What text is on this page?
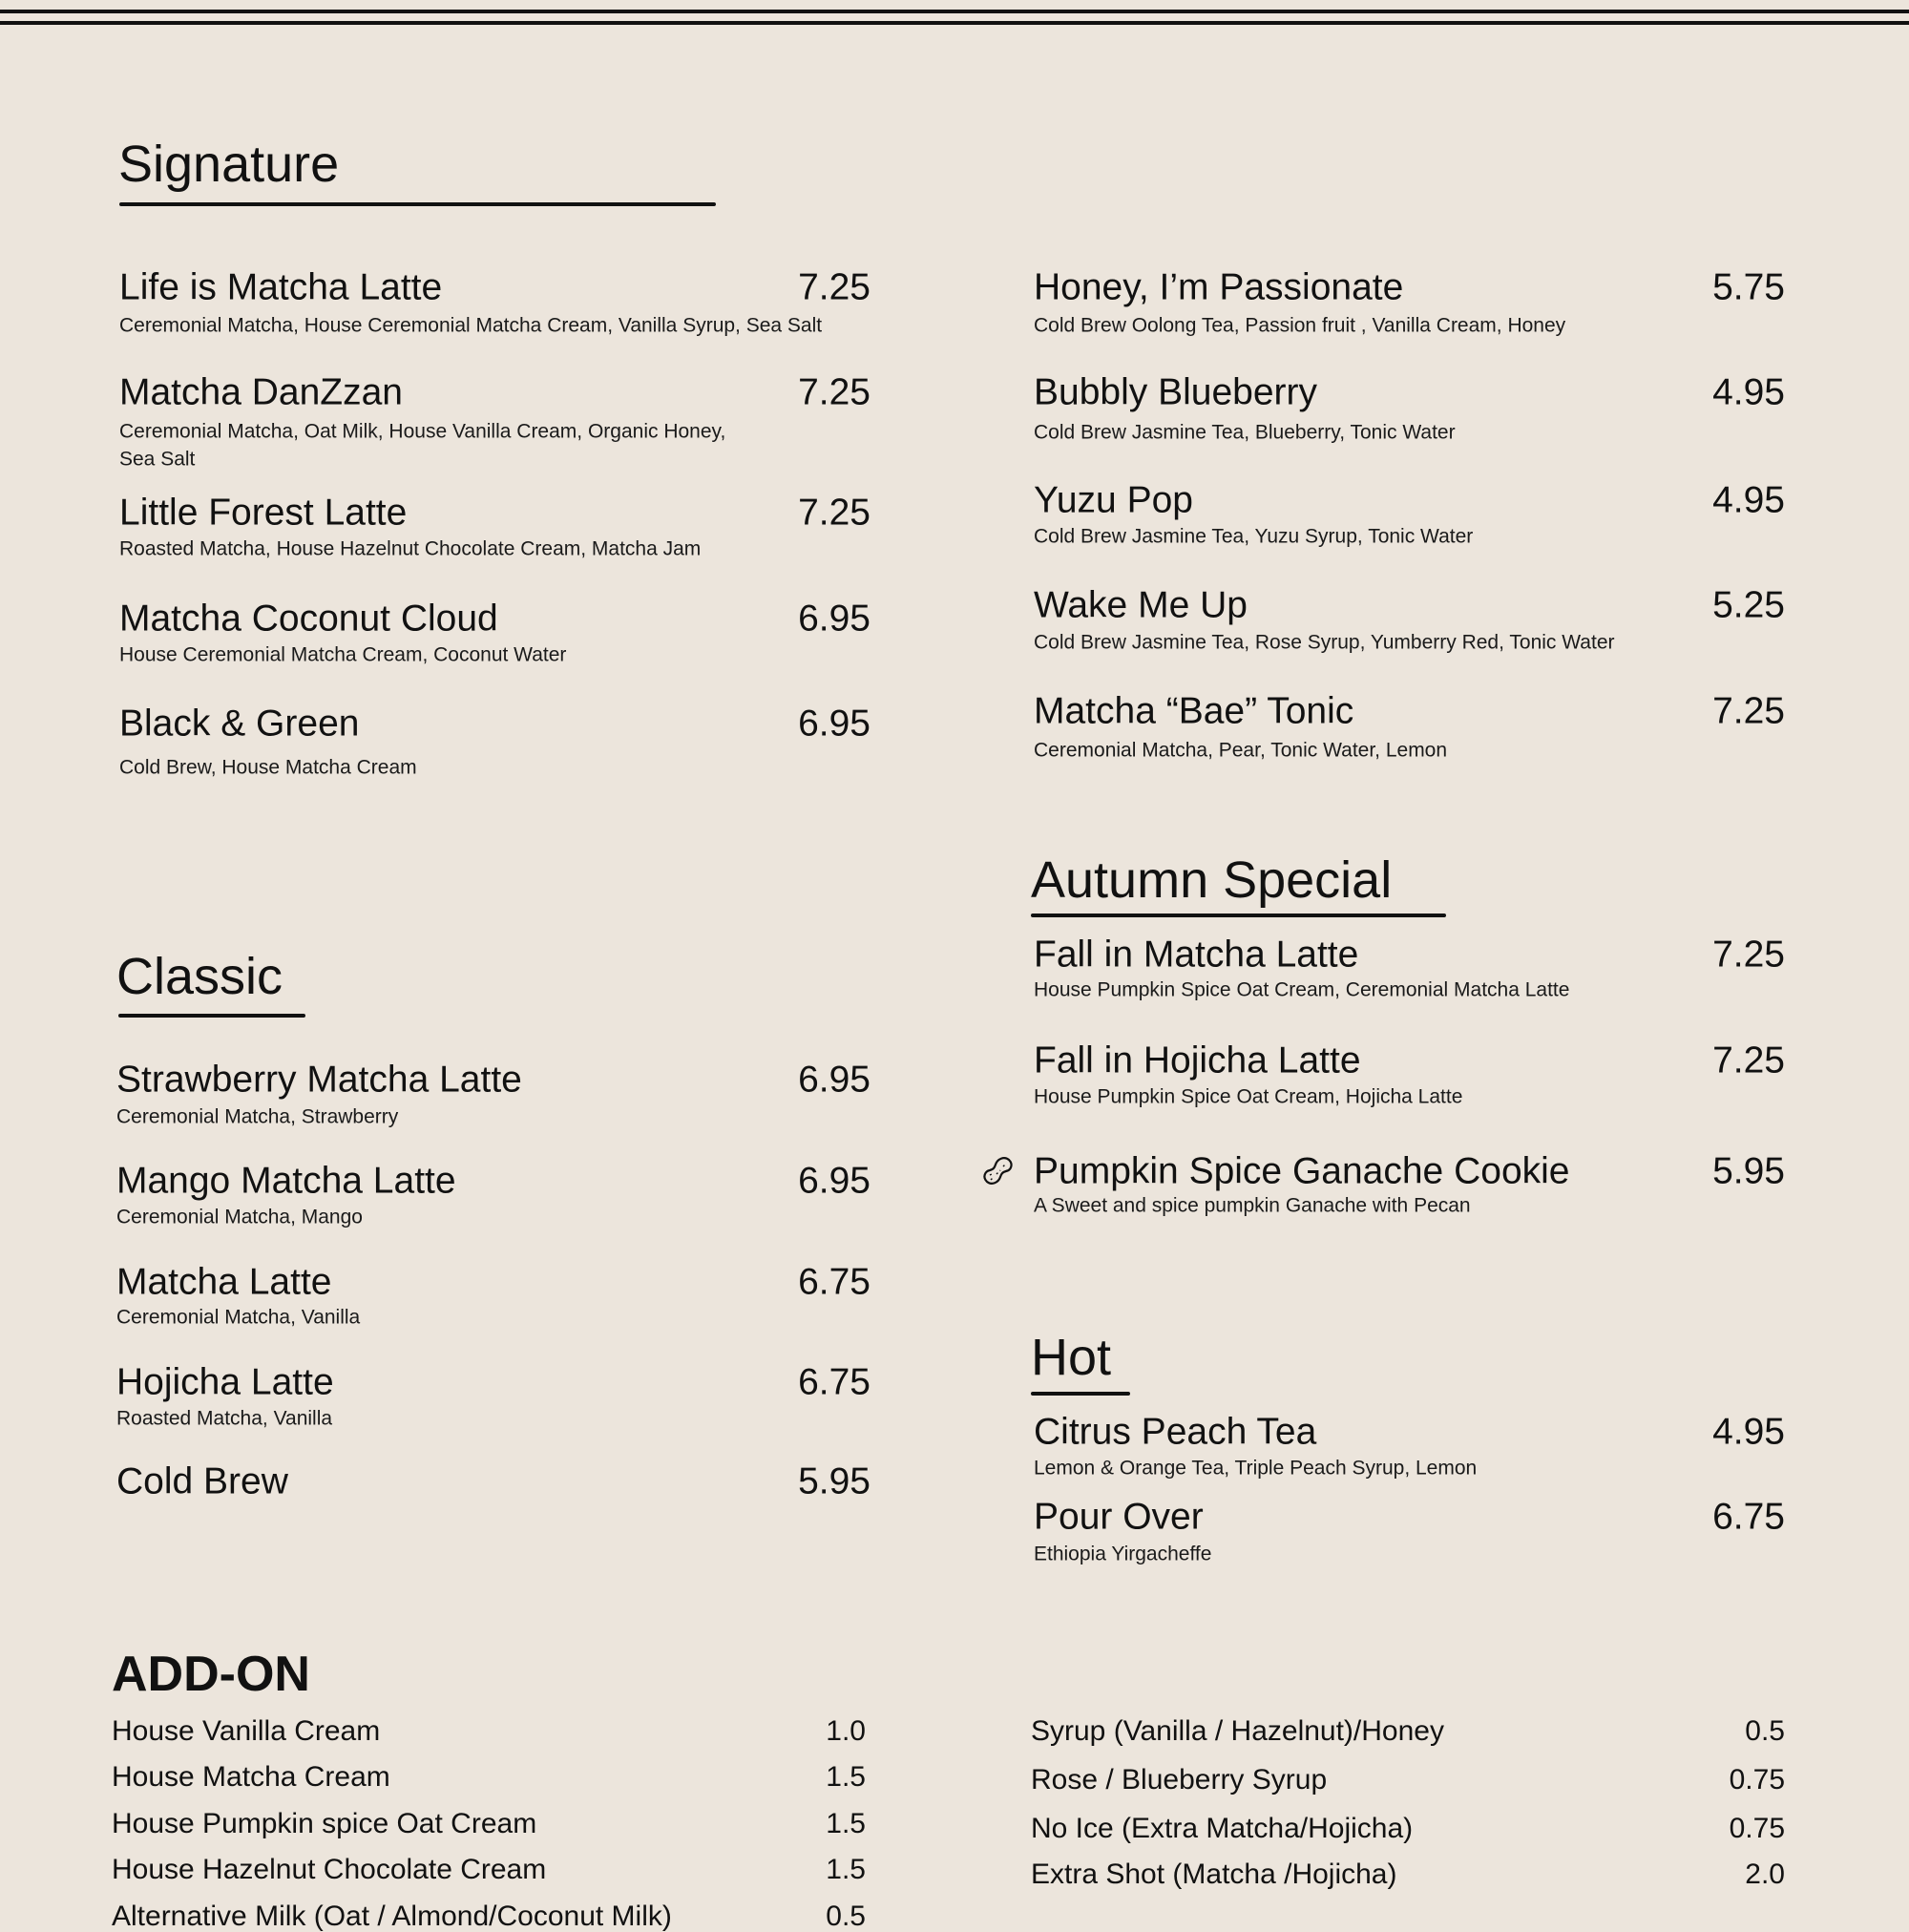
Signature
Life is Matcha Latte	7.25
Ceremonial Matcha, House Ceremonial Matcha Cream, Vanilla Syrup, Sea Salt
Matcha DanZzan	7.25
Ceremonial Matcha, Oat Milk, House Vanilla Cream, Organic Honey,
Sea Salt
Little Forest Latte	7.25
Roasted Matcha, House Hazelnut Chocolate Cream, Matcha Jam
Matcha Coconut Cloud	6.95
House Ceremonial Matcha Cream, Coconut Water
Black & Green	6.95
Cold Brew, House Matcha Cream
Honey, I’m Passionate	5.75
Cold Brew Oolong Tea, Passion fruit , Vanilla Cream, Honey
Bubbly Blueberry	4.95
Cold Brew Jasmine Tea, Blueberry, Tonic Water
Yuzu Pop	4.95
Cold Brew Jasmine Tea, Yuzu Syrup, Tonic Water
Wake Me Up	5.25
Cold Brew Jasmine Tea, Rose Syrup, Yumberry Red, Tonic Water
Matcha “Bae” Tonic	7.25
Ceremonial Matcha, Pear, Tonic Water, Lemon
Classic
Strawberry Matcha Latte	6.95
Ceremonial Matcha, Strawberry
Mango Matcha Latte	6.95
Ceremonial Matcha, Mango
Matcha Latte	6.75
Ceremonial Matcha, Vanilla
Hojicha Latte	6.75
Roasted Matcha, Vanilla
Cold Brew	5.95
Autumn Special
Fall in Matcha Latte	7.25
House Pumpkin Spice Oat Cream, Ceremonial Matcha Latte
Fall in Hojicha Latte	7.25
House Pumpkin Spice Oat Cream, Hojicha Latte
Pumpkin Spice Ganache Cookie	5.95
A Sweet and spice pumpkin Ganache with Pecan
Hot
Citrus Peach Tea	4.95
Lemon & Orange Tea, Triple Peach Syrup, Lemon
Pour Over	6.75
Ethiopia Yirgacheffe
ADD-ON
House Vanilla Cream	1.0
House Matcha Cream	1.5
House Pumpkin spice Oat Cream	1.5
House Hazelnut Chocolate Cream	1.5
Alternative Milk (Oat / Almond/Coconut Milk)	0.5
Syrup (Vanilla / Hazelnut)/Honey	0.5
Rose / Blueberry Syrup	0.75
No Ice (Extra Matcha/Hojicha)	0.75
Extra Shot (Matcha /Hojicha)	2.0
